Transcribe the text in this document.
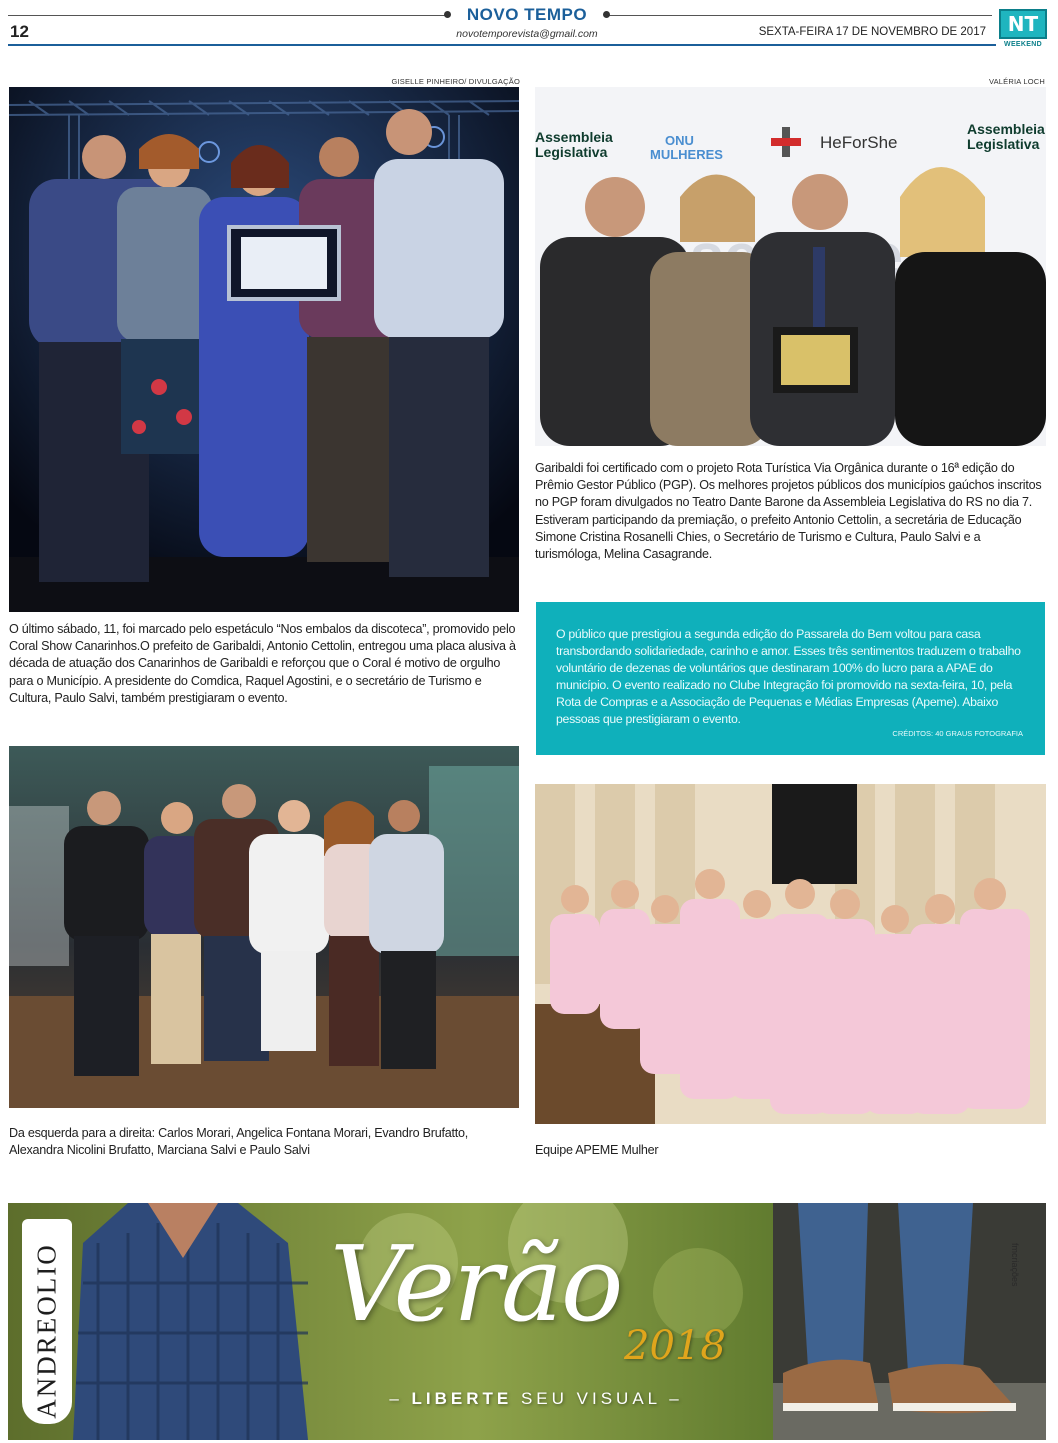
12
NOVO TEMPO
novotemporevista@gmail.com	SEXTA-FEIRA 17 DE NOVEMBRO DE 2017	NT
WEEKEND
GISELLE PINHEIRO/ DIVULGAÇÃO
O último sábado, 11, foi marcado pelo espetáculo “Nos embalos da discoteca”, promovido pelo Coral Show Canarinhos.O prefeito de Garibaldi, Antonio Cettolin, entregou uma placa alusiva à década de atuação dos Canarinhos de Garibaldi e reforçou que o Coral é motivo de orgulho para o Município. A presidente do Comdica, Raquel Agostini, e o secretário de Turismo e Cultura, Paulo Salvi, também prestigiaram o evento.
VALÉRIA LOCH
Assembleia
Legislativa
ONU
MULHERES
HeForShe
Assembleia
Legislativa
Garibaldi foi certificado com o projeto Rota Turística Via Orgânica durante o 16ª edição do Prêmio Gestor Público (PGP). Os melhores projetos públicos dos municípios gaúchos inscritos no PGP foram divulgados no Teatro Dante Barone da Assembleia Legislativa do RS no dia 7. Estiveram participando da premiação, o prefeito Antonio Cettolin, a secretária de Educação Simone Cristina Rosanelli Chies, o Secretário de Turismo e Cultura, Paulo Salvi e a turismóloga, Melina Casagrande.
O público que prestigiou a segunda edição do Passarela do Bem voltou para casa transbordando solidariedade, carinho e amor. Esses três sentimentos traduzem o trabalho voluntário de dezenas de voluntários que destinaram 100% do lucro para a APAE do município. O evento realizado no Clube Integração foi promovido na sexta-feira, 10, pela Rota de Compras e a Associação de Pequenas e Médias Empresas (Apeme). Abaixo pessoas que prestigiaram o evento.
CRÉDITOS: 40 GRAUS FOTOGRAFIA
Da esquerda para a direita: Carlos Morari, Angelica Fontana Morari, Evandro Brufatto, Alexandra Nicolini Brufatto, Marciana Salvi e Paulo Salvi	Equipe APEME Mulher
ANDREOLIO	Verão
2018
– LIBERTE SEU VISUAL –
fmcriações
